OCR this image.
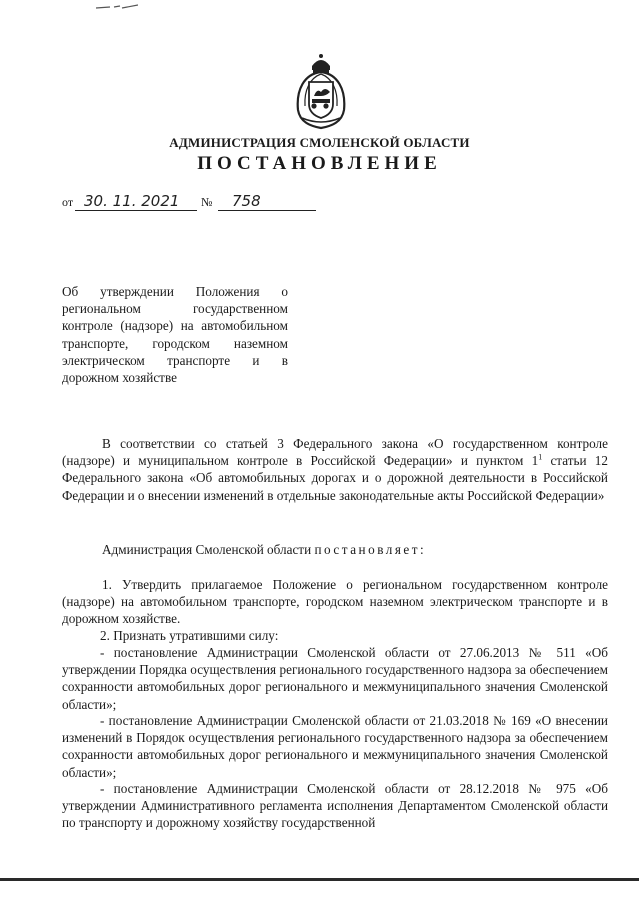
АДМИНИСТРАЦИЯ СМОЛЕНСКОЙ ОБЛАСТИ
ПОСТАНОВЛЕНИЕ
от 30. 11. 2021 № 758
Об утверждении Положения о региональном государственном контроле (надзоре) на автомобильном транспорте, городском наземном электрическом транспорте и в дорожном хозяйстве

В соответствии со статьей 3 Федерального закона «О государственном контроле (надзоре) и муниципальном контроле в Российской Федерации» и пунктом $1^1$ статьи 12 Федерального закона «Об автомобильных дорогах и о дорожной деятельности в Российской Федерации и о внесении изменений в отдельные законодательные акты Российской Федерации»

Администрация Смоленской области постановляет:

1. Утвердить прилагаемое Положение о региональном государственном контроле (надзоре) на автомобильном транспорте, городском наземном электрическом транспорте и в дорожном хозяйстве.

2. Признать утратившими силу:

- постановление Администрации Смоленской области от 27.06.2013 № 511 «Об утверждении Порядка осуществления регионального государственного надзора за обеспечением сохранности автомобильных дорог регионального и межмуниципального значения Смоленской области»;

- постановление Администрации Смоленской области от 21.03.2018 № 169 «О внесении изменений в Порядок осуществления регионального государственного надзора за обеспечением сохранности автомобильных дорог регионального и межмуниципального значения Смоленской области»;

- постановление Администрации Смоленской области от 28.12.2018 № 975 «Об утверждении Административного регламента исполнения Департаментом Смоленской области по транспорту и дорожному хозяйству государственной
